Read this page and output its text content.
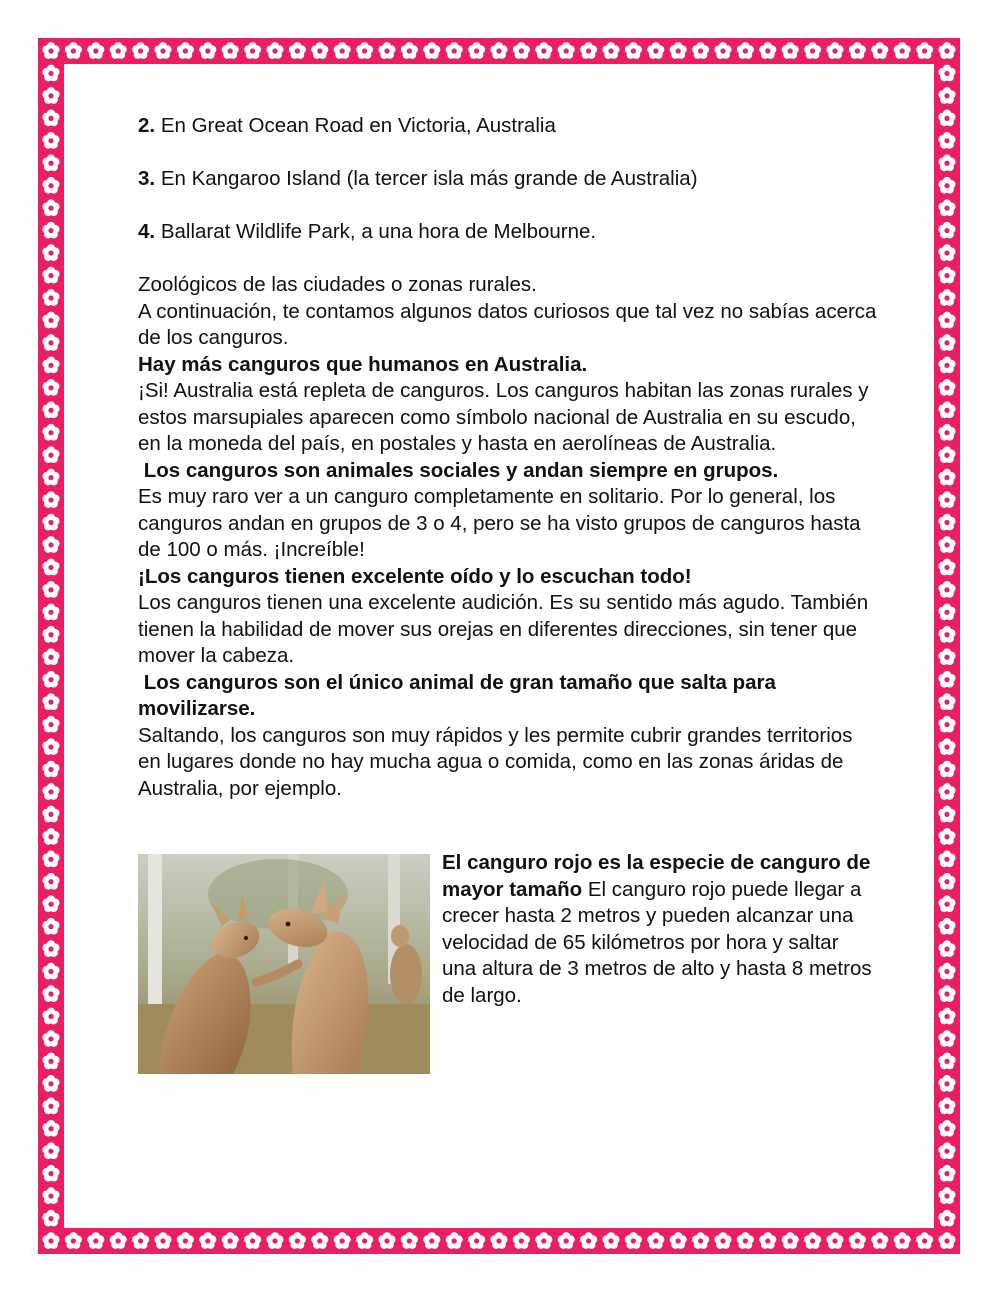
2. En Great Ocean Road en Victoria, Australia

3. En Kangaroo Island (la tercer isla más grande de Australia)

4. Ballarat Wildlife Park, a una hora de Melbourne.

Zoológicos de las ciudades o zonas rurales.

A continuación, te contamos algunos datos curiosos que tal vez no sabías acerca de los canguros.

Hay más canguros que humanos en Australia.

¡Si! Australia está repleta de canguros. Los canguros habitan las zonas rurales y estos marsupiales aparecen como símbolo nacional de Australia en su escudo, en la moneda del país, en postales y hasta en aerolíneas de Australia.

Los canguros son animales sociales y andan siempre en grupos.

Es muy raro ver a un canguro completamente en solitario. Por lo general, los canguros andan en grupos de 3 o 4, pero se ha visto grupos de canguros hasta de 100 o más. ¡Increíble!

¡Los canguros tienen excelente oído y lo escuchan todo!

Los canguros tienen una excelente audición. Es su sentido más agudo. También tienen la habilidad de mover sus orejas en diferentes direcciones, sin tener que mover la cabeza.

Los canguros son el único animal de gran tamaño que salta para movilizarse.

Saltando, los canguros son muy rápidos y les permite cubrir grandes territorios en lugares donde no hay mucha agua o comida, como en las zonas áridas de Australia, por ejemplo.

El canguro rojo es la especie de canguro de mayor tamaño El canguro rojo puede llegar a crecer hasta 2 metros y pueden alcanzar una velocidad de 65 kilómetros por hora y saltar una altura de 3 metros de alto y hasta 8 metros de largo.
